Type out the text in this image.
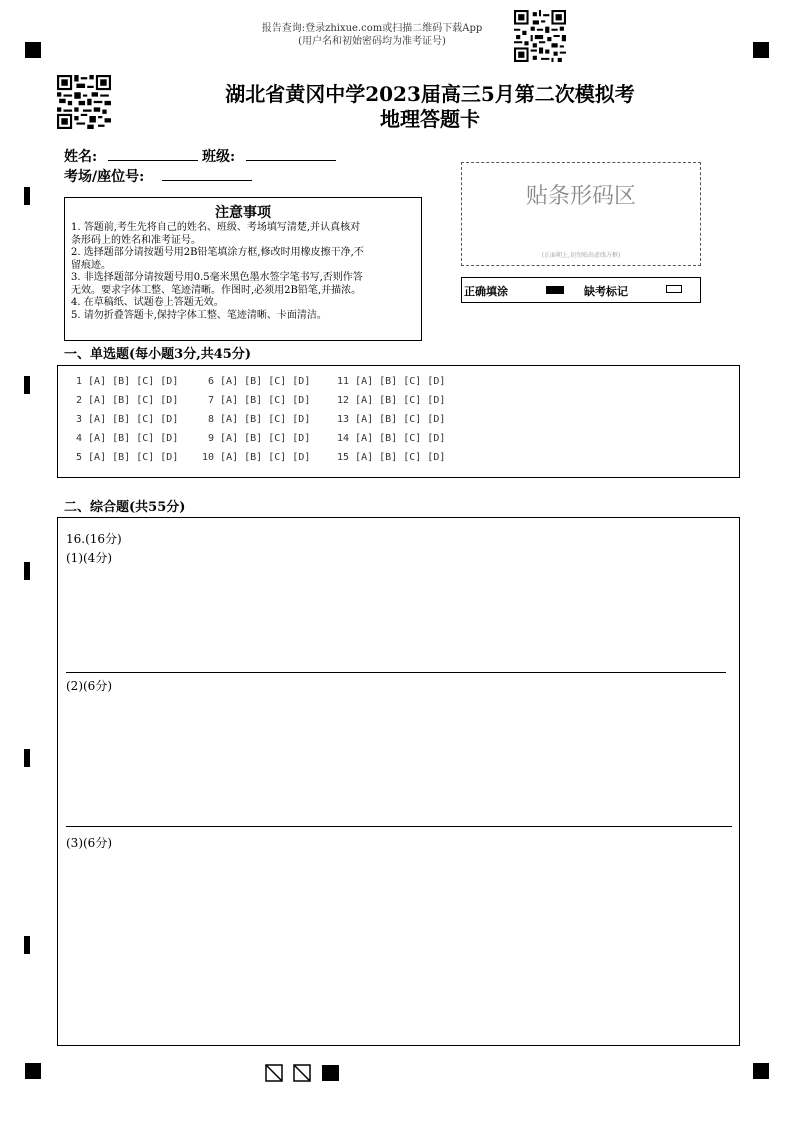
报告查询:登录zhixue.com或扫描二维码下载App
(用户名和初始密码均为准考证号)
湖北省黄冈中学2023届高三5月第二次模拟考
地理答题卡
姓名:	班级:
考场/座位号:
注意事项
1. 答题前,考生先将自己的姓名、班级、考场填写清楚,并认真核对
条形码上的姓名和准考证号。
2. 选择题部分请按题号用2B铅笔填涂方框,修改时用橡皮擦干净,不
留痕迹。
3. 非选择题部分请按题号用0.5毫米黑色墨水签字笔书写,否则作答
无效。要求字体工整、笔迹清晰。作图时,必须用2B铅笔,并描浓。
4. 在草稿纸、试题卷上答题无效。
5. 请勿折叠答题卡,保持字体工整、笔迹清晰、卡面清洁。
贴条形码区
(正面朝上,切勿贴出虚线方框)
正确填涂	缺考标记
一、单选题(每小题3分,共45分)
1 [A] [B] [C] [D]	6 [A] [B] [C] [D]	11 [A] [B] [C] [D]
2 [A] [B] [C] [D]	7 [A] [B] [C] [D]	12 [A] [B] [C] [D]
3 [A] [B] [C] [D]	8 [A] [B] [C] [D]	13 [A] [B] [C] [D]
4 [A] [B] [C] [D]	9 [A] [B] [C] [D]	14 [A] [B] [C] [D]
5 [A] [B] [C] [D] 10 [A] [B] [C] [D]	15 [A] [B] [C] [D]
二、综合题(共55分)
16.(16分)
(1)(4分)
(2)(6分)
(3)(6分)
